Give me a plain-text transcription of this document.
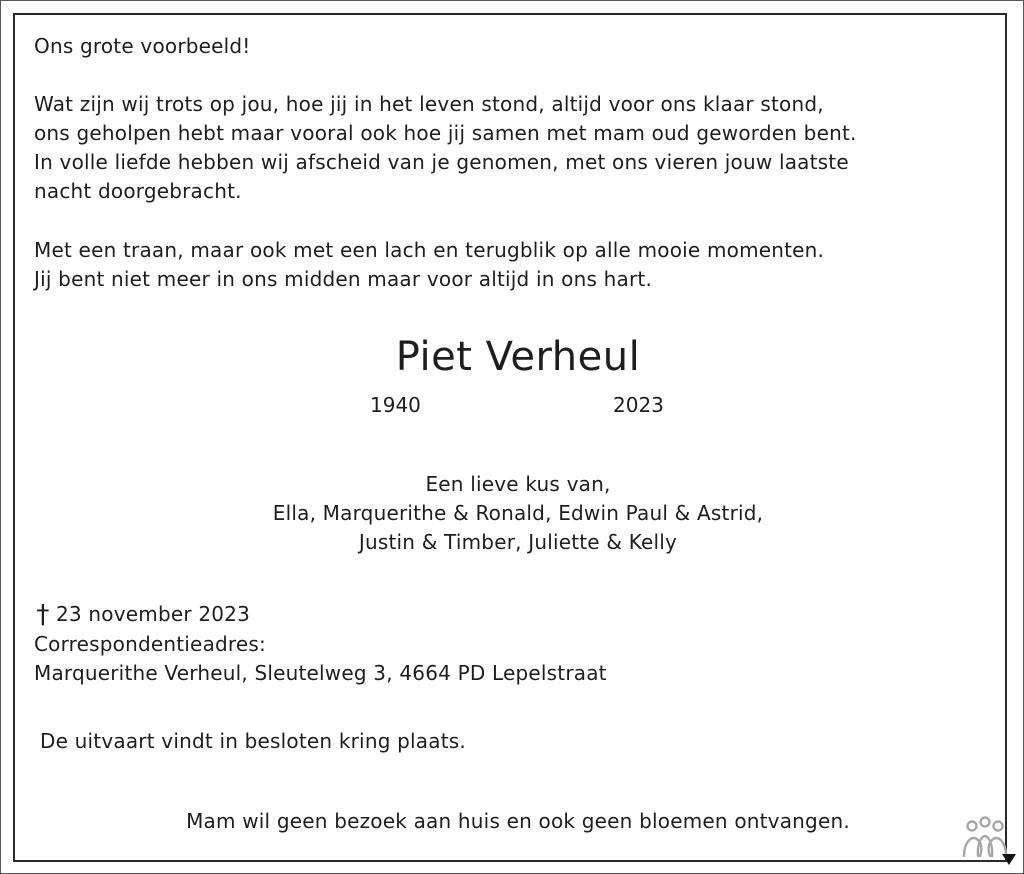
Ons grote voorbeeld!
Wat zijn wij trots op jou, hoe jij in het leven stond, altijd voor ons klaar stond,
ons geholpen hebt maar vooral ook hoe jij samen met mam oud geworden bent.
In volle liefde hebben wij afscheid van je genomen, met ons vieren jouw laatste
nacht doorgebracht.
Met een traan, maar ook met een lach en terugblik op alle mooie momenten.
Jij bent niet meer in ons midden maar voor altijd in ons hart.
Piet Verheul
1940	2023
Een lieve kus van,
Ella, Marquerithe & Ronald, Edwin Paul & Astrid,
Justin & Timber, Juliette & Kelly
† 23 november 2023
Correspondentieadres:
Marquerithe Verheul, Sleutelweg 3, 4664 PD Lepelstraat
De uitvaart vindt in besloten kring plaats.
Mam wil geen bezoek aan huis en ook geen bloemen ontvangen.
